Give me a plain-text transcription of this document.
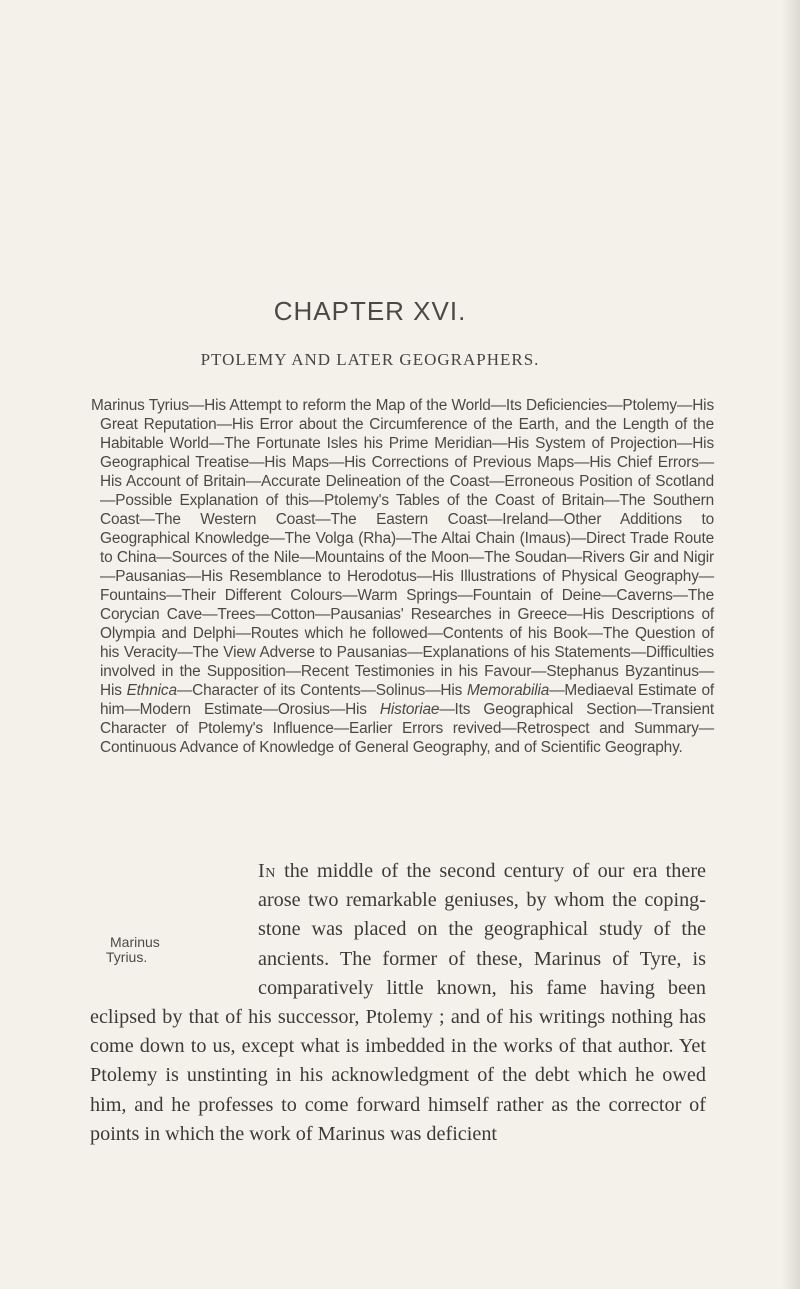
CHAPTER XVI.
PTOLEMY AND LATER GEOGRAPHERS.
Marinus Tyrius—His Attempt to reform the Map of the World—Its Deficiencies—Ptolemy—His Great Reputation—His Error about the Circumference of the Earth, and the Length of the Habitable World—The Fortunate Isles his Prime Meridian—His System of Projection—His Geographical Treatise—His Maps—His Corrections of Previous Maps—His Chief Errors—His Account of Britain—Accurate Delineation of the Coast—Erroneous Position of Scotland—Possible Explanation of this—Ptolemy's Tables of the Coast of Britain—The Southern Coast—The Western Coast—The Eastern Coast—Ireland—Other Additions to Geographical Knowledge—The Volga (Rha)—The Altai Chain (Imaus)—Direct Trade Route to China—Sources of the Nile—Mountains of the Moon—The Soudan—Rivers Gir and Nigir—Pausanias—His Resemblance to Herodotus—His Illustrations of Physical Geography—Fountains—Their Different Colours—Warm Springs—Fountain of Deine—Caverns—The Corycian Cave—Trees—Cotton—Pausanias' Researches in Greece—His Descriptions of Olympia and Delphi—Routes which he followed—Contents of his Book—The Question of his Veracity—The View Adverse to Pausanias—Explanations of his Statements—Difficulties involved in the Supposition—Recent Testimonies in his Favour—Stephanus Byzantinus—His Ethnica—Character of its Contents—Solinus—His Memorabilia—Mediaeval Estimate of him—Modern Estimate—Orosius—His Historiae—Its Geographical Section—Transient Character of Ptolemy's Influence—Earlier Errors revived—Retrospect and Summary—Continuous Advance of Knowledge of General Geography, and of Scientific Geography.
Marinus
Tyrius.
In the middle of the second century of our era there arose two remarkable geniuses, by whom the coping-stone was placed on the geographical study of the ancients. The former of these, Marinus of Tyre, is comparatively little known, his fame having been eclipsed by that of his successor, Ptolemy ; and of his writings nothing has come down to us, except what is imbedded in the works of that author. Yet Ptolemy is unstinting in his acknowledgment of the debt which he owed him, and he professes to come forward himself rather as the corrector of points in which the work of Marinus was deficient
